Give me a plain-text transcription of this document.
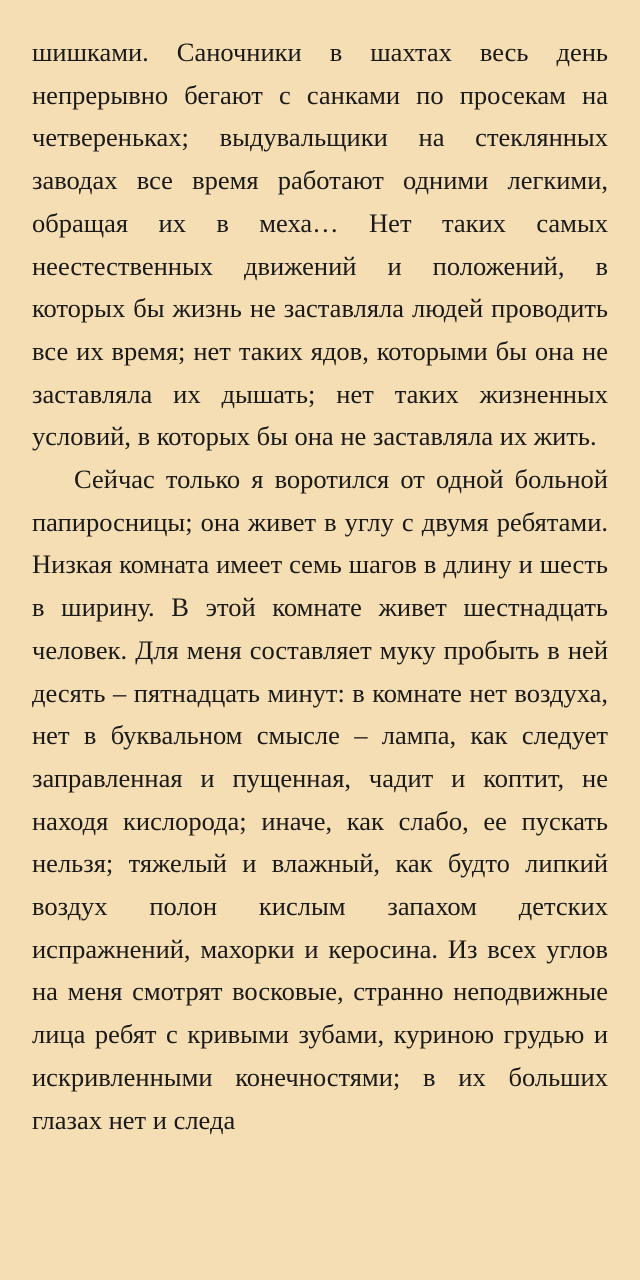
шишками. Саночники в шахтах весь день непрерывно бегают с санками по просекам на четвереньках; выдувальщики на стеклянных заводах все время работают одними легкими, обращая их в меха… Нет таких самых неестественных движений и положений, в которых бы жизнь не заставляла людей проводить все их время; нет таких ядов, которыми бы она не заставляла их дышать; нет таких жизненных условий, в которых бы она не заставляла их жить.

Сейчас только я воротился от одной больной папиросницы; она живет в углу с двумя ребятами. Низкая комната имеет семь шагов в длину и шесть в ширину. В этой комнате живет шестнадцать человек. Для меня составляет муку пробыть в ней десять – пятнадцать минут: в комнате нет воздуха, нет в буквальном смысле – лампа, как следует заправленная и пущенная, чадит и коптит, не находя кислорода; иначе, как слабо, ее пускать нельзя; тяжелый и влажный, как будто липкий воздух полон кислым запахом детских испражнений, махорки и керосина. Из всех углов на меня смотрят восковые, странно неподвижные лица ребят с кривыми зубами, куриною грудью и искривленными конечностями; в их больших глазах нет и следа
